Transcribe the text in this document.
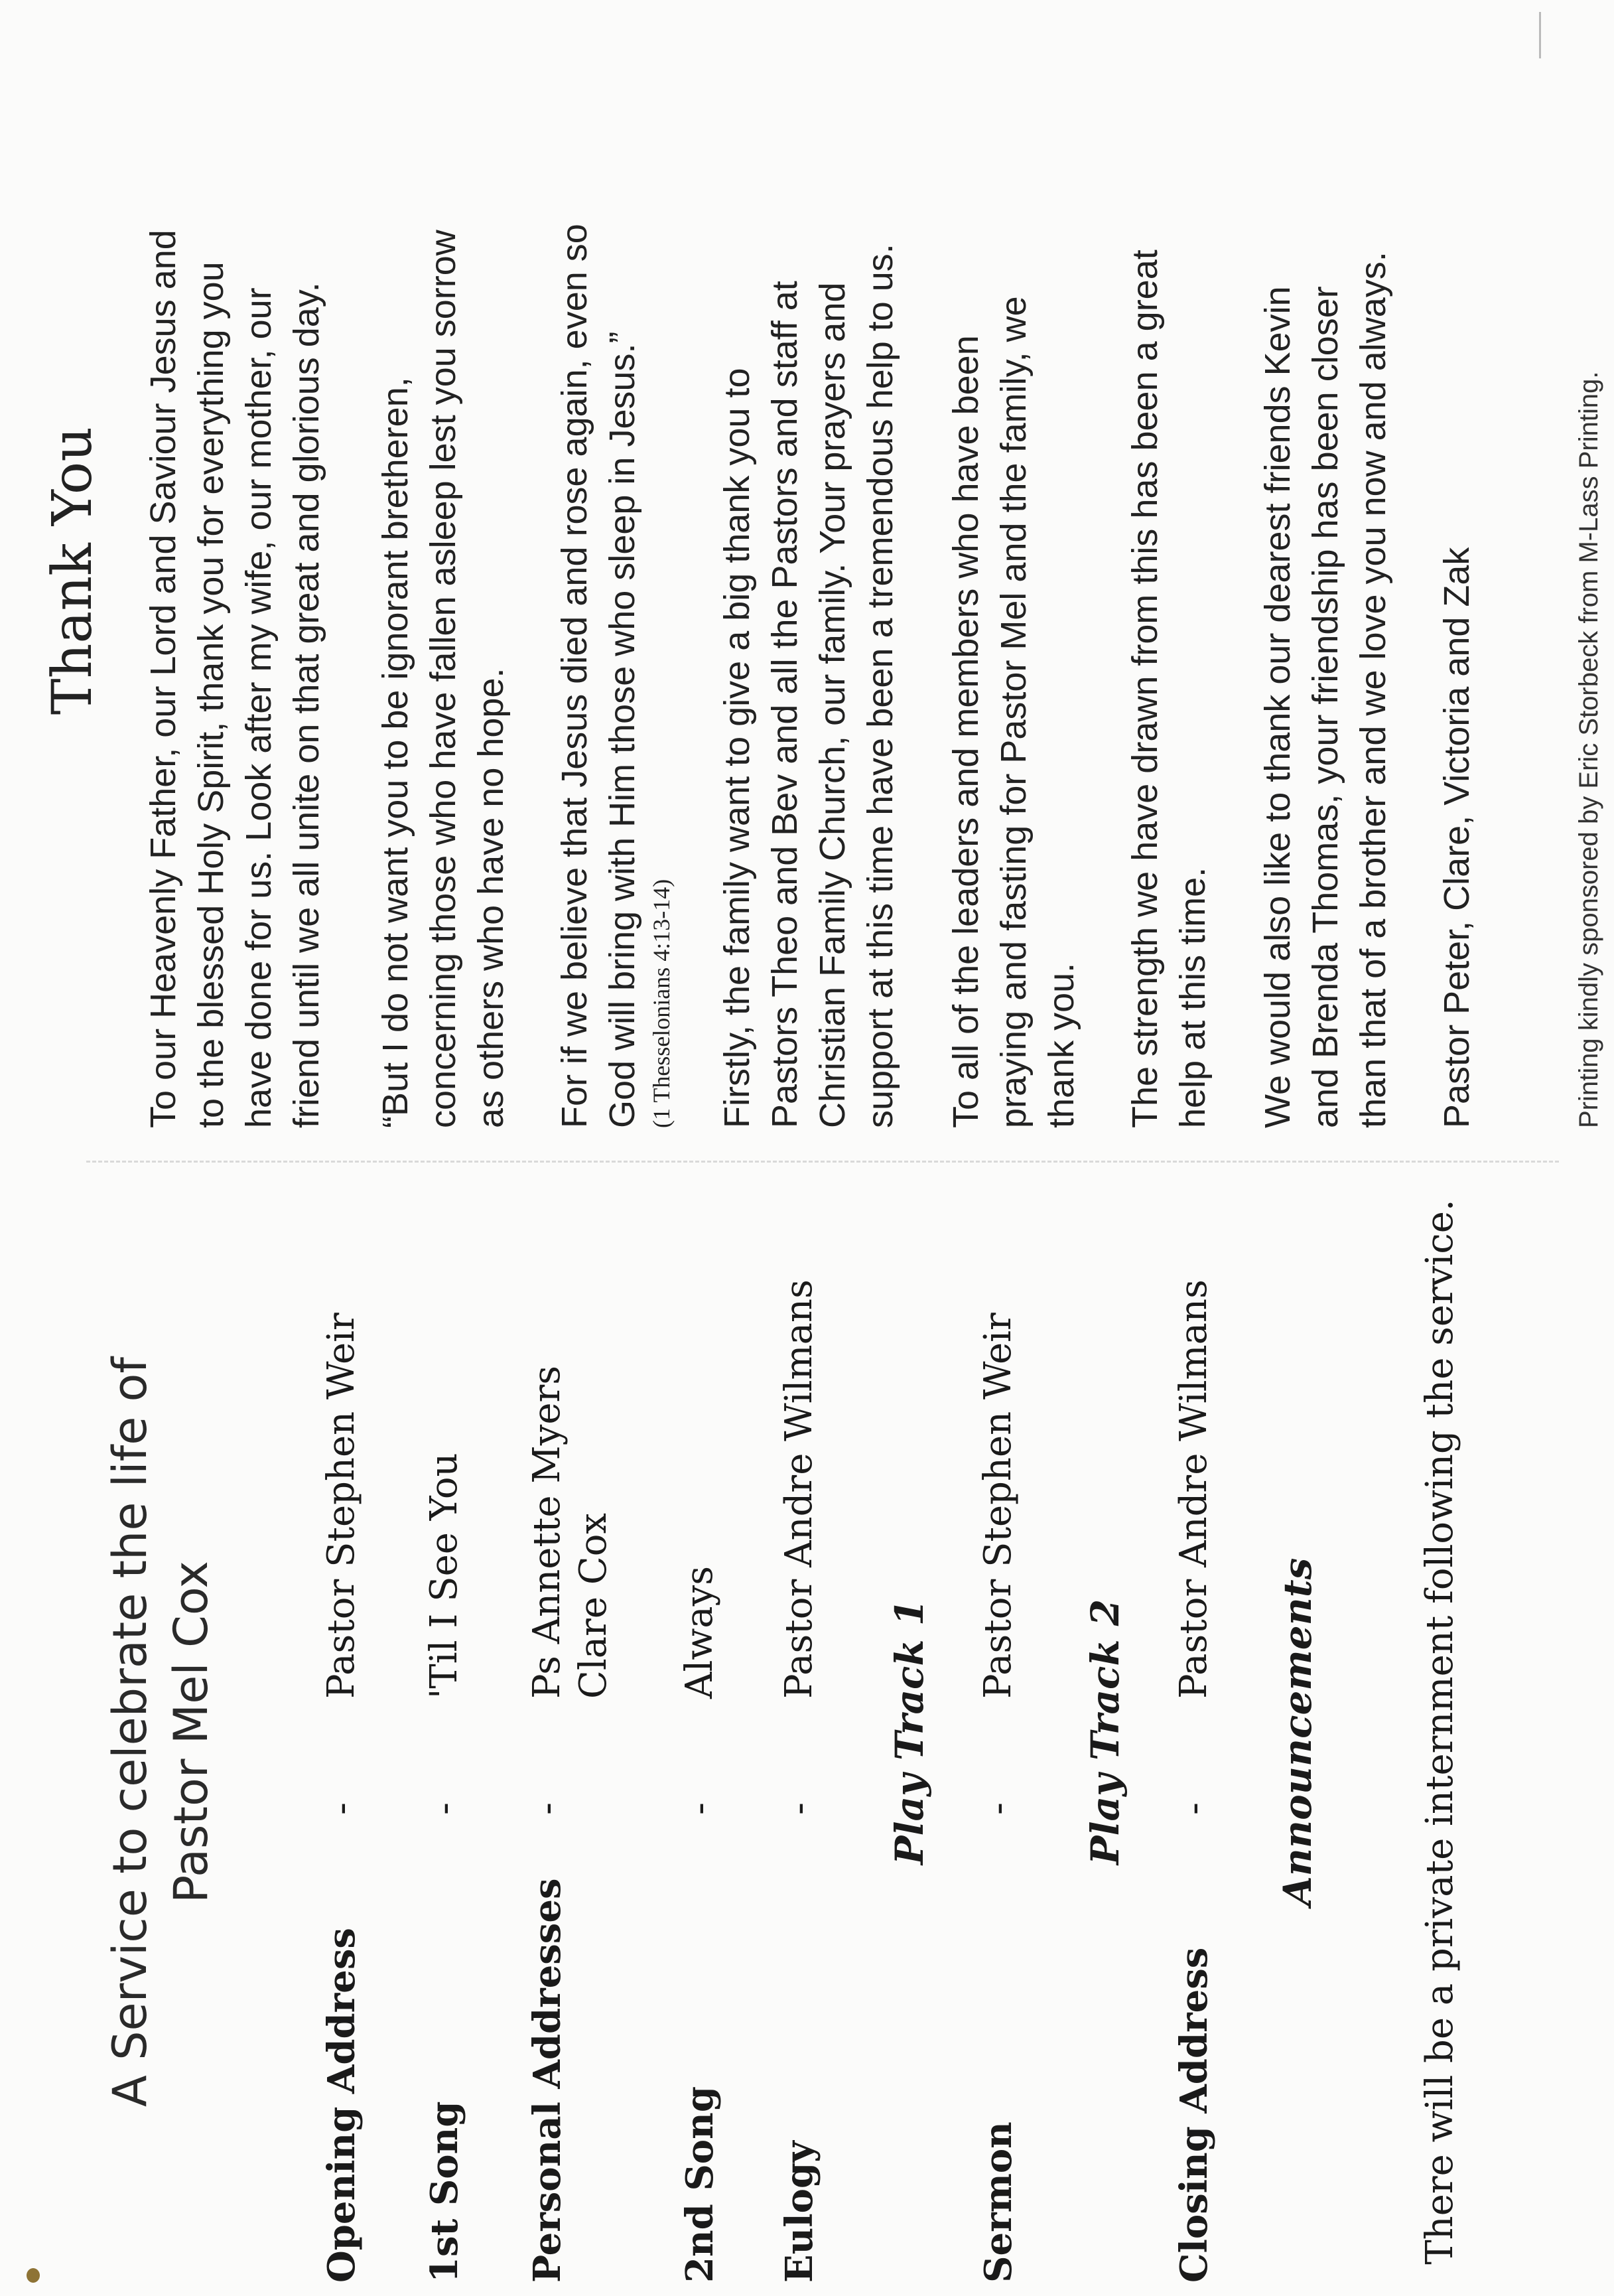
A Service to celebrate the life of Pastor Mel Cox
Opening Address
-
Pastor Stephen Weir
1st Song
-
'Til I See You
Personal Addresses
-
Ps Annette Myers Clare Cox
2nd Song
-
Always
Eulogy
-
Pastor Andre Wilmans
Play Track 1
Sermon
-
Pastor Stephen Weir
Play Track 2
Closing Address
-
Pastor Andre Wilmans
Announcements	There will be a private internment following the service.

Thank You To our Heavenly Father, our Lord and Saviour Jesus and to the blessed Holy Spirit, thank you for everything you have done for us. Look after my wife, our mother, our friend until we all unite on that great and glorious day. “But I do not want you to be ignorant bretheren, concerning those who have fallen asleep lest you sorrow as others who have no hope. For if we believe that Jesus died and rose again, even so God will bring with Him those who sleep in Jesus.” (1 Thesselonians 4:13-14) Firstly, the family want to give a big thank you to Pastors Theo and Bev and all the Pastors and staff at Christian Family Church, our family. Your prayers and support at this time have been a tremendous help to us. To all of the leaders and members who have been praying and fasting for Pastor Mel and the family, we thank you. The strength we have drawn from this has been a great help at this time. We would also like to thank our dearest friends Kevin and Brenda Thomas, your friendship has been closer than that of a brother and we love you now and always. Pastor Peter, Clare, Victoria and Zak	Printing kindly sponsored by Eric Storbeck from M-Lass Printing.
